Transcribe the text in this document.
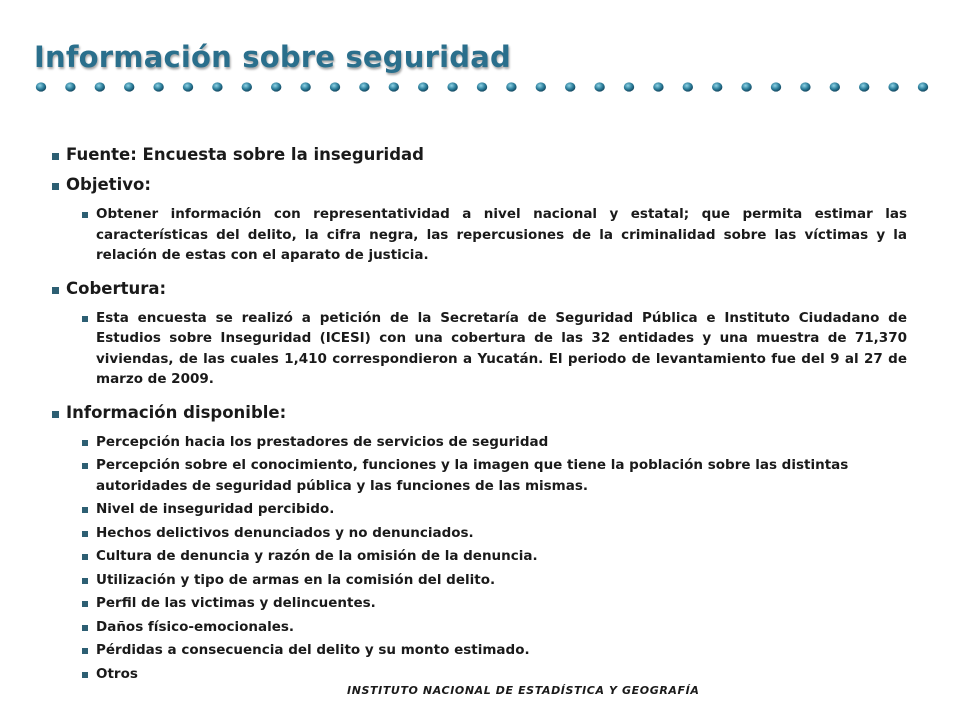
Información sobre seguridad
Fuente: Encuesta sobre la inseguridad
Objetivo:
Obtener información con representatividad a nivel nacional y estatal; que permita estimar las características del delito, la cifra negra, las repercusiones de la criminalidad sobre las víctimas y la relación de estas con el aparato de justicia.
Cobertura:
Esta encuesta se realizó a petición de la Secretaría de Seguridad Pública e Instituto Ciudadano de Estudios sobre Inseguridad (ICESI) con una cobertura de las 32 entidades y una muestra de 71,370 viviendas, de las cuales 1,410 correspondieron a Yucatán. El periodo de levantamiento fue del 9 al 27 de marzo de 2009.
Información disponible:
Percepción hacia los prestadores de servicios de seguridad
Percepción sobre el conocimiento, funciones y la imagen que tiene la población sobre las distintas autoridades de seguridad pública y las funciones de las mismas.
Nivel de inseguridad percibido.
Hechos delictivos denunciados y no denunciados.
Cultura de denuncia y razón de la omisión de la denuncia.
Utilización y tipo de armas en la comisión del delito.
Perfil de las victimas y delincuentes.
Daños físico-emocionales.
Pérdidas a consecuencia del delito y su monto estimado.
Otros
INSTITUTO NACIONAL DE ESTADÍSTICA Y GEOGRAFÍA
